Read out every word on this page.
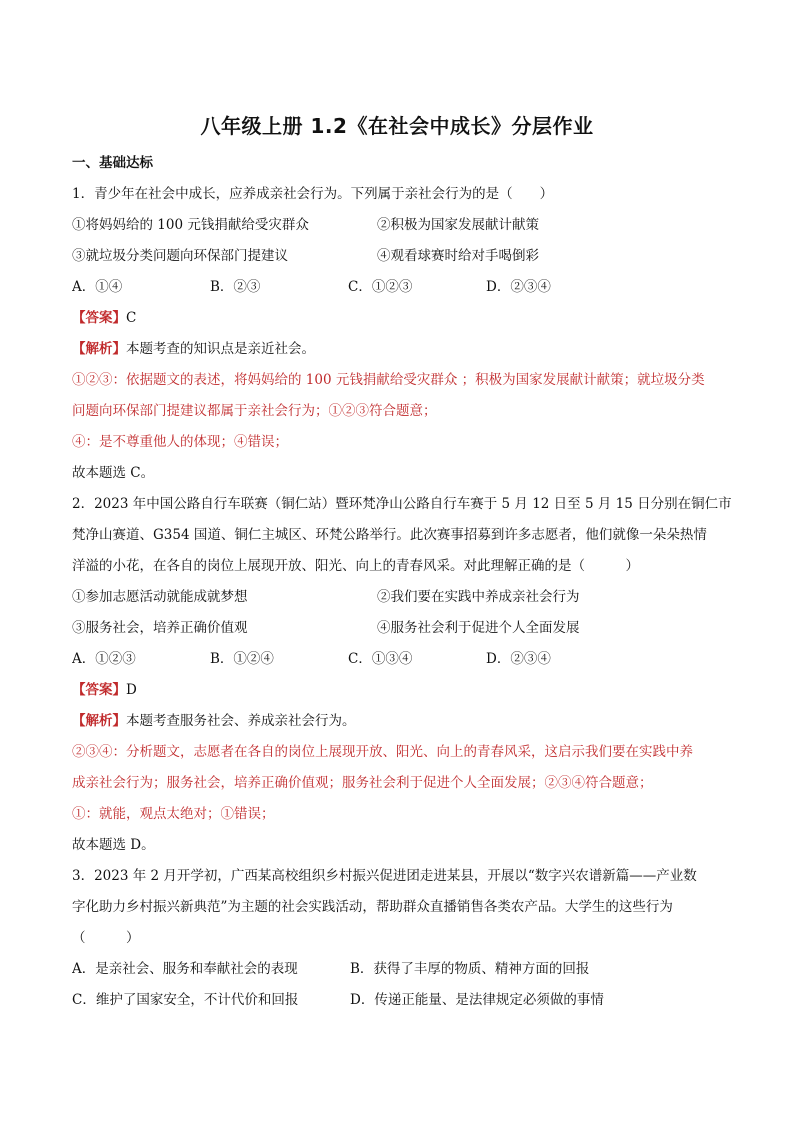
八年级上册 1.2《在社会中成长》分层作业
一、基础达标
1．青少年在社会中成长，应养成亲社会行为。下列属于亲社会行为的是（　　）
①将妈妈给的 100 元钱捐献给受灾群众	②积极为国家发展献计献策
③就垃圾分类问题向环保部门提建议	④观看球赛时给对手喝倒彩
A．①④	B．②③	C．①②③	D．②③④
【答案】C
【解析】本题考查的知识点是亲近社会。
①②③：依据题文的表述，将妈妈给的 100 元钱捐献给受灾群众 ；积极为国家发展献计献策；就垃圾分类
问题向环保部门提建议都属于亲社会行为；①②③符合题意；
④：是不尊重他人的体现；④错误；
故本题选 C。
2．2023 年中国公路自行车联赛（铜仁站）暨环梵净山公路自行车赛于 5 月 12 日至 5 月 15 日分别在铜仁市
梵净山赛道、G354 国道、铜仁主城区、环梵公路举行。此次赛事招募到许多志愿者，他们就像一朵朵热情
洋溢的小花，在各自的岗位上展现开放、阳光、向上的青春风采。对此理解正确的是（　　　）
①参加志愿活动就能成就梦想	②我们要在实践中养成亲社会行为
③服务社会，培养正确价值观	④服务社会利于促进个人全面发展
A．①②③	B．①②④	C．①③④	D．②③④
【答案】D
【解析】本题考查服务社会、养成亲社会行为。
②③④：分析题文，志愿者在各自的岗位上展现开放、阳光、向上的青春风采，这启示我们要在实践中养
成亲社会行为；服务社会，培养正确价值观；服务社会利于促进个人全面发展；②③④符合题意；
①：就能，观点太绝对；①错误；
故本题选 D。
3．2023 年 2 月开学初，广西某高校组织乡村振兴促进团走进某县，开展以“数字兴农谱新篇——产业数
字化助力乡村振兴新典范”为主题的社会实践活动，帮助群众直播销售各类农产品。大学生的这些行为
（　　　）
A．是亲社会、服务和奉献社会的表现	B．获得了丰厚的物质、精神方面的回报
C．维护了国家安全，不计代价和回报	D．传递正能量、是法律规定必须做的事情
